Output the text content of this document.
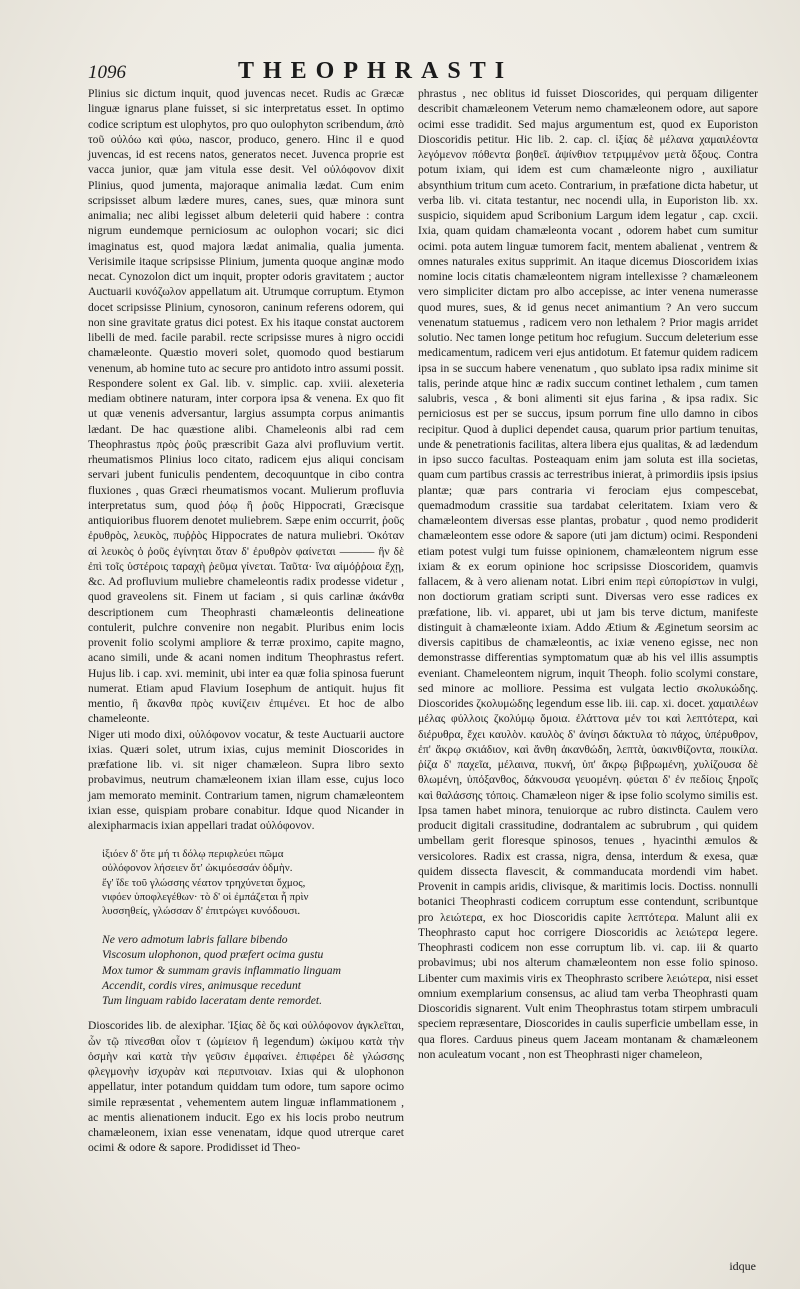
1096	THEOPHRASTI

Plinius sic dictum inquit, quod juvencas necet. Rudis ac Græcæ linguæ ignarus plane fuisset, si sic interpretatus esset. In optimo codice scriptum est ulophytos, pro quo oulophyton scribendum, ἀπὸ τοῦ οὐλόω καὶ φύω, nascor, produco, genero. Hinc il e quod juvencas, id est recens natos, generatos necet. Juvenca proprie est vacca junior, quæ jam vitula esse desit. Vel οὐλόφονον dixit Plinius, quod jumenta, majoraque animalia lædat. Cum enim scripsisset album lædere mures, canes, sues, quæ minora sunt animalia; nec alibi legisset album deleterii quid habere : contra nigrum eundemque perniciosum ac oulophon vocari; sic dici imaginatus est, quod majora lædat animalia, qualia jumenta. Verisimile itaque scripsisse Plinium, jumenta quoque anginæ modo necat. Cynozolon dict um inquit, propter odoris gravitatem ; auctor Auctuarii κυνόζωλον appellatum ait. Utrumque corruptum. Etymon docet scripsisse Plinium, cynosoron, caninum referens odorem, qui non sine gravitate gratus dici potest. Ex his itaque constat auctorem libelli de med. facile parabil. recte scripsisse mures à nigro occidi chamæleonte. Quæstio moveri solet, quomodo quod bestiarum venenum, ab homine tuto ac secure pro antidoto intro assumi possit. Respondere solent ex Gal. lib. v. simplic. cap. xviii. alexeteria mediam obtinere naturam, inter corpora ipsa & venena. Ex quo fit ut quæ venenis adversantur, largius assumpta corpus animantis lædant. De hac quæstione alibi. Chameleonis albi rad cem Theophrastus πρὸς ῥοῦς præscribit Gaza alvi profluvium vertit. rheumatismos Plinius loco citato, radicem ejus aliqui concisam servari jubent funiculis pendentem, decoquuntque in cibo contra fluxiones , quas Græci rheumatismos vocant. Mulierum profluvia interpretatus sum, quod ῥόῳ ἢ ῥοῦς Hippocrati, Græcisque antiquioribus fluorem denotet muliebrem. Sæpe enim occurrit, ῥοῦς ἐρυθρὸς, λευκὸς, πυῤῥὸς Hippocrates de natura muliebri. Ὁκόταν αἱ λευκὸς ὁ ῥοῦς ἐγίνηται ὅταν δ' ἐρυθρὸν φαίνεται ——— ἢν δὲ ἐπὶ τοῖς ὑστέροις ταραχὴ ῥεῦμα γίνεται. Ταῦτα· ἵνα αἱμόῤῥοια ἔχῃ, &c. Ad profluvium muliebre chameleontis radix prodesse videtur , quod graveolens sit. Finem ut faciam , si quis carlinæ ἀκάνθα descriptionem cum Theophrasti chamæleontis delineatione contulerit, pulchre convenire non negabit. Pluribus enim locis provenit folio scolymi ampliore & terræ proximo, capite magno, acano simili, unde & acani nomen inditum Theophrastus refert. Hujus lib. i cap. xvi. meminit, ubi inter ea quæ folia spinosa fuerunt numerat. Etiam apud Flavium Iosephum de antiquit. hujus fit mentio, ἢ ἄκανθα πρὸς κυνίζειν ἐπιμένει. Et hoc de albo chameleonte.

Niger uti modo dixi, οὐλόφονον vocatur, & teste Auctuarii auctore ixias. Quæri solet, utrum ixias, cujus meminit Dioscorides in præfatione lib. vi. sit niger chamæleon. Supra libro sexto probavimus, neutrum chamæleonem ixian illam esse, cujus loco jam memorato meminit. Contrarium tamen, nigrum chamæleontem ixian esse, quispiam probare conabitur. Idque quod Nicander in alexipharmacis ixian appellari tradat οὐλόφονον.

ἰξιόεν δ' ὅτε μή τι δόλῳ περιφλεύει πῶμα

οὐλόφονον λήσειεν ὅτ' ὠκιμόεσσάν ὀδμὴν.

ἔγ' ἴδε τοῦ γλώσσης νέατον τρηχύνεται ὄχμος,

νιφόεν ὑποφλεγέθων· τὸ δ' οἱ ἐμπάζεται ἦ πρὶν

λυσσηθείς, γλώσσαν δ' ἐπιτρώγει κυνόδουσι.

Ne vero admotum labris fallare bibendo

Viscosum ulophonon, quod præfert ocima gustu

Mox tumor & summam gravis inflammatio linguam

Accendit, cordis vires, animusque recedunt

Tum linguam rabido laceratam dente remordet.

Dioscorides lib. de alexiphar. Ἰξίας δὲ ὅς καὶ οὐλόφονον ἀγκλεῖται, ὧν τῷ πίνεσθαι οἶον τ (ὠμίειον ἢ legendum) ὠκίμου κατὰ τὴν ὀσμὴν καὶ κατὰ τὴν γεῦσιν ἐμφαίνει. ἐπιφέρει δὲ γλώσσης φλεγμονὴν ἰσχυρὰν καὶ περιπνοιαν. Ixias qui & ulophonon appellatur, inter potandum quiddam tum odore, tum sapore ocimo simile repræsentat , vehementem autem linguæ inflammationem , ac mentis alienationem inducit. Ego ex his locis probo neutrum chamæleonem, ixian esse venenatam, idque quod utrerque caret ocimi & odore & sapore. Prodidisset id Theo-

phrastus , nec oblitus id fuisset Dioscorides, qui perquam diligenter describit chamæleonem Veterum nemo chamæleonem odore, aut sapore ocimi esse tradidit. Sed majus argumentum est, quod ex Euporiston Dioscoridis petitur. Hic lib. 2. cap. cl. ἰξίας δὲ μέλανα χαμαιλέοντα λεγόμενον πόθεντα βοηθεῖ. ἀψίνθιον τετριμμένον μετὰ ὄξους. Contra potum ixiam, qui idem est cum chamæleonte nigro , auxiliatur absynthium tritum cum aceto. Contrarium, in præfatione dicta habetur, ut verba lib. vi. citata testantur, nec nocendi ulla, in Euporiston lib. xx. suspicio, siquidem apud Scribonium Largum idem legatur , cap. cxcii. Ixia, quam quidam chamæleonta vocant , odorem habet cum sumitur ocimi. pota autem linguæ tumorem facit, mentem abalienat , ventrem & omnes naturales exitus supprimit. An itaque dicemus Dioscoridem ixias nomine locis citatis chamæleontem nigram intellexisse ? chamæleonem vero simpliciter dictam pro albo accepisse, ac inter venena numerasse quod mures, sues, & id genus necet animantium ? An vero succum venenatum statuemus , radicem vero non lethalem ? Prior magis arridet solutio. Nec tamen longe petitum hoc refugium. Succum deleterium esse medicamentum, radicem veri ejus antidotum. Et fatemur quidem radicem ipsa in se succum habere venenatum , quo sublato ipsa radix minime sit talis, perinde atque hinc æ radix succum continet lethalem , cum tamen salubris, vesca , & boni alimenti sit ejus farina , & ipsa radix. Sic perniciosus est per se succus, ipsum porrum fine ullo damno in cibos recipitur. Quod à duplici dependet causa, quarum prior partium tenuitas, unde & penetrationis facilitas, altera libera ejus qualitas, & ad lædendum in ipso succo facultas. Posteaquam enim jam soluta est illa societas, quam cum partibus crassis ac terrestribus inierat, à primordiis ipsis ipsius plantæ; quæ pars contraria vi ferociam ejus compescebat, quemadmodum crassitie sua tardabat celeritatem. Ixiam vero & chamæleontem diversas esse plantas, probatur , quod nemo prodiderit chamæleontem esse odore & sapore (uti jam dictum) ocimi. Respondeni etiam potest vulgi tum fuisse opinionem, chamæleontem nigrum esse ixiam & ex eorum opinione hoc scripsisse Dioscoridem, quamvis fallacem, & à vero alienam notat. Libri enim περὶ εὐπορίστων in vulgi, non doctiorum gratiam scripti sunt. Diversas vero esse radices ex præfatione, lib. vi. apparet, ubi ut jam bis terve dictum, manifeste distinguit à chamæleonte ixiam. Addo Ætium & Æginetum seorsim ac diversis capitibus de chamæleontis, ac ixiæ veneno egisse, nec non demonstrasse differentias symptomatum quæ ab his vel illis assumptis eveniant. Chameleontem nigrum, inquit Theoph. folio scolymi constare, sed minore ac molliore. Pessima est vulgata lectio σκολυκώδης. Dioscorides ζκολυμώδης legendum esse lib. iii. cap. xi. docet. χαμαιλέων μέλας φύλλοις ζκολύμῳ ὅμοια. ἐλάττονα μέν τοι καὶ λεπτότερα, καὶ διέρυθρα, ἔχει καυλὸν. καυλὸς δ' ἀνίησι δάκτυλα τὸ πάχος, ὑπέρυθρον, ἐπ' ἄκρῳ σκιάδιον, καὶ ἄνθη ἀκανθώδη, λεπτὰ, ὑακινθίζοντα, ποικίλα. ῥίζα δ' παχεῖα, μέλαινα, πυκνή, ὑπ' ἄκρῳ βιβρωμένη, χυλίζουσα δὲ θλωμένη, ὑπόξανθος, δάκνουσα γευομένη. φύεται δ' ἐν πεδίοις ξηροῖς καὶ θαλάσσης τόποις. Chamæleon niger & ipse folio scolymo similis est. Ipsa tamen habet minora, tenuiorque ac rubro distincta. Caulem vero producit digitali crassitudine, dodrantalem ac subrubrum , qui quidem umbellam gerit floresque spinosos, tenues , hyacinthi æmulos & versicolores. Radix est crassa, nigra, densa, interdum & exesa, quæ quidem dissecta flavescit, & commanducata mordendi vim habet. Provenit in campis aridis, clivisque, & maritimis locis. Doctiss. nonnulli botanici Theophrasti codicem corruptum esse contendunt, scribuntque pro λειώτερα, ex hoc Dioscoridis capite λεπτότερα. Malunt alii ex Theophrasto caput hoc corrigere Dioscoridis ac λειώτερα legere. Theophrasti codicem non esse corruptum lib. vi. cap. iii & quarto probavimus; ubi nos alterum chamæleontem non esse folio spinoso. Libenter cum maximis viris ex Theophrasto scribere λειώτερα, nisi esset omnium exemplarium consensus, ac aliud tam verba Theophrasti quam Dioscoridis signarent. Vult enim Theophrastus totam stirpem umbraculi speciem repræsentare, Dioscorides in caulis superficie umbellam esse, in qua flores. Carduus pineus quem Jaceam montanam & chamæleonem non aculeatum vocant , non est Theophrasti niger chameleon,

idque
